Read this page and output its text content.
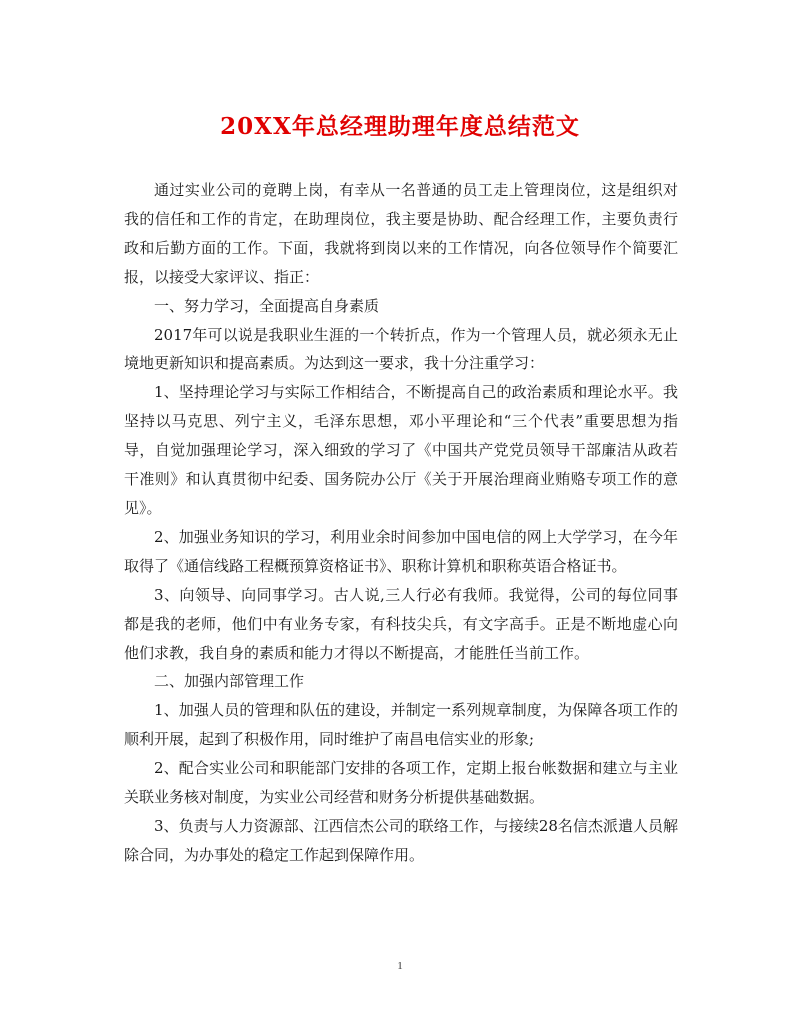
20XX年总经理助理年度总结范文

通过实业公司的竟聘上岗，有幸从一名普通的员工走上管理岗位，这是组织对我的信任和工作的肯定，在助理岗位，我主要是协助、配合经理工作，主要负责行政和后勤方面的工作。下面，我就将到岗以来的工作情况，向各位领导作个简要汇报，以接受大家评议、指正：

一、努力学习，全面提高自身素质

2017年可以说是我职业生涯的一个转折点，作为一个管理人员，就必须永无止境地更新知识和提高素质。为达到这一要求，我十分注重学习：

1、坚持理论学习与实际工作相结合，不断提高自己的政治素质和理论水平。我坚持以马克思、列宁主义，毛泽东思想，邓小平理论和“三个代表”重要思想为指导，自觉加强理论学习，深入细致的学习了《中国共产党党员领导干部廉洁从政若干准则》和认真贯彻中纪委、国务院办公厅《关于开展治理商业贿赂专项工作的意见》。

2、加强业务知识的学习，利用业余时间参加中国电信的网上大学学习，在今年取得了《通信线路工程概预算资格证书》、职称计算机和职称英语合格证书。

3、向领导、向同事学习。古人说,三人行必有我师。我觉得，公司的每位同事都是我的老师，他们中有业务专家，有科技尖兵，有文字高手。正是不断地虚心向他们求教，我自身的素质和能力才得以不断提高，才能胜任当前工作。

二、加强内部管理工作

1、加强人员的管理和队伍的建设，并制定一系列规章制度，为保障各项工作的顺利开展，起到了积极作用，同时维护了南昌电信实业的形象;

2、配合实业公司和职能部门安排的各项工作，定期上报台帐数据和建立与主业关联业务核对制度，为实业公司经营和财务分析提供基础数据。

3、负责与人力资源部、江西信杰公司的联络工作，与接续28名信杰派遣人员解除合同，为办事处的稳定工作起到保障作用。

1
